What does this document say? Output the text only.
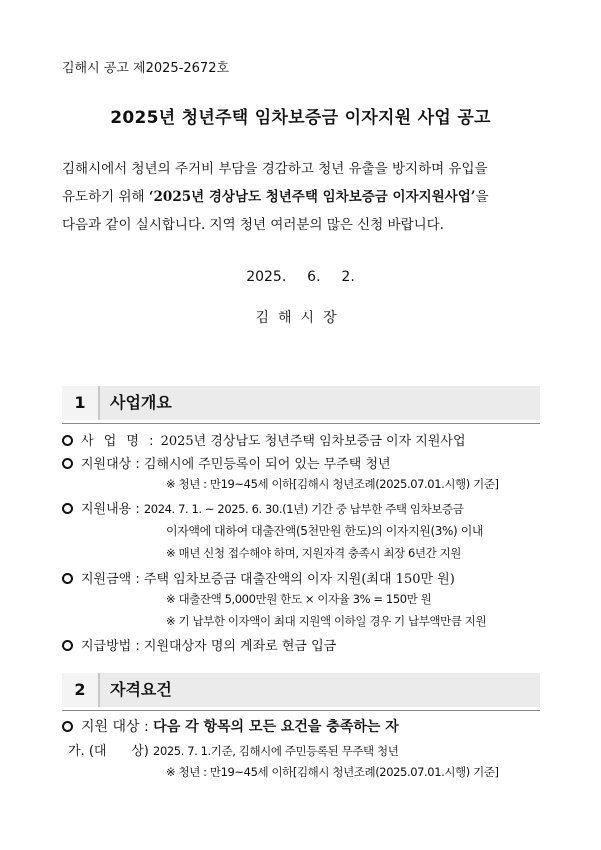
김해시 공고 제2025-2672호
2025년 청년주택 임차보증금 이자지원 사업 공고
김해시에서 청년의 주거비 부담을 경감하고 청년 유출을 방지하며 유입을
유도하기 위해 ‘2025년 경상남도 청년주택 임차보증금 이자지원사업’을
다음과 같이 실시합니다. 지역 청년 여러분의 많은 신청 바랍니다.
2025.  6.  2.
김해시장
1	사업개요
사 업 명 : 2025년 경상남도 청년주택 임차보증금 이자 지원사업
지원대상 : 김해시에 주민등록이 되어 있는 무주택 청년
※ 청년 : 만19~45세 이하[김해시 청년조례(2025.07.01.시행) 기준]
지원내용 : 2024. 7. 1. ~ 2025. 6. 30.(1년) 기간 중 납부한 주택 임차보증금
이자액에 대하여 대출잔액(5천만원 한도)의 이자지원(3%) 이내
※ 매년 신청 접수해야 하며, 지원자격 충족시 최장 6년간 지원
지원금액 : 주택 임차보증금 대출잔액의 이자 지원(최대 150만 원)
※ 대출잔액 5,000만원 한도 × 이자율 3% = 150만 원
※ 기 납부한 이자액이 최대 지원액 이하일 경우 기 납부액만큼 지원
지급방법 : 지원대상자 명의 계좌로 현금 입금
2	자격요건
지원 대상 : 다음 각 항목의 모든 요건을 충족하는 자
가. (대      상) 2025. 7. 1.기준, 김해시에 주민등록된 무주택 청년
※ 청년 : 만19~45세 이하[김해시 청년조례(2025.07.01.시행) 기준]
